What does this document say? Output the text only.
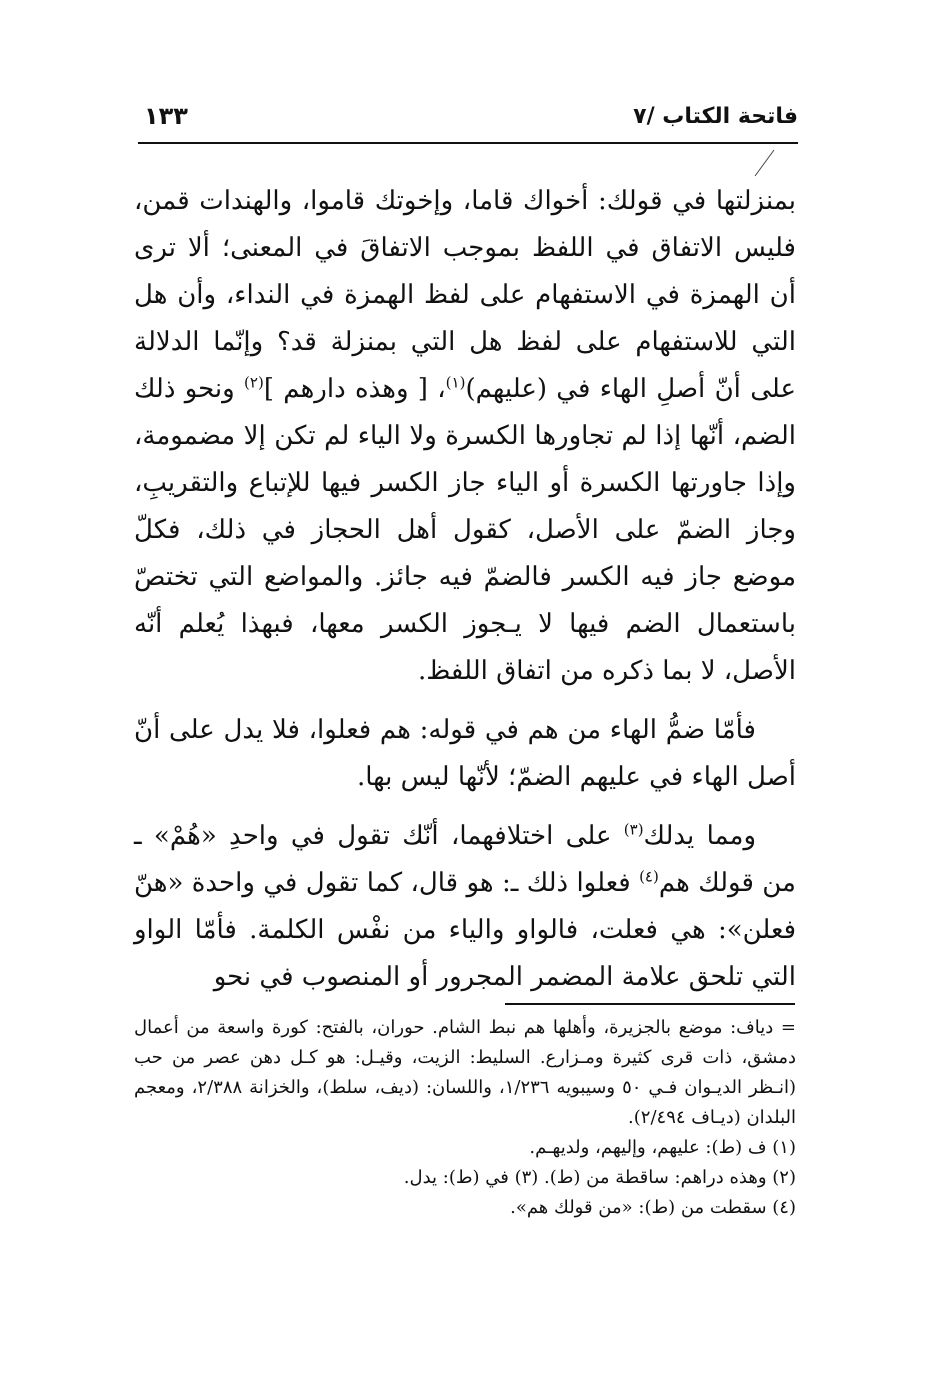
فاتحة الكتاب /٧
١٣٣

بمنزلتها في قولك: أخواك قاما، وإخوتك قاموا، والهندات قمن، فليس الاتفاق في اللفظ بموجب الاتفاقَ في المعنى؛ ألا ترى أن الهمزة في الاستفهام على لفظ الهمزة في النداء، وأن هل التي للاستفهام على لفظ هل التي بمنزلة قد؟ وإنّما الدلالة على أنّ أصلِ الهاء في (عليهم)$^{(١)}$، [ وهذه دارهم ]$^{(٢)}$ ونحو ذلك الضم، أنّها إذا لم تجاورها الكسرة ولا الياء لم تكن إلا مضمومة، وإذا جاورتها الكسرة أو الياء جاز الكسر فيها للإتباع والتقريبِ، وجاز الضمّ على الأصل، كقول أهل الحجاز في ذلك، فكلّ موضع جاز فيه الكسر فالضمّ فيه جائز. والمواضع التي تختصّ باستعمال الضم فيها لا يـجوز الكسر معها، فبهذا يُعلم أنّه الأصل، لا بما ذكره من اتفاق اللفظ.

فأمّا ضمُّ الهاء من هم في قوله: هم فعلوا، فلا يدل على أنّ أصل الهاء في عليهم الضمّ؛ لأنّها ليس بها.

ومما يدلك$^{(٣)}$ على اختلافهما، أنّك تقول في واحدِ «هُمْ» ـ من قولك هم$^{(٤)}$ فعلوا ذلك ـ: هو قال، كما تقول في واحدة «هنّ فعلن»: هي فعلت، فالواو والياء من نفْس الكلمة. فأمّا الواو التي تلحق علامة المضمر المجرور أو المنصوب في نحو

= دياف: موضع بالجزيرة، وأهلها هم نبط الشام. حوران، بالفتح: كورة واسعة من أعمال دمشق، ذات قرى كثيرة ومـزارع. السليط: الزيت، وقيـل: هو كـل دهن عصر من حب (انـظر الديـوان فـي ٥٠ وسيبويه ١/٢٣٦، واللسان: (ديف، سلط)، والخزانة ٢/٣٨٨، ومعجم البلدان (ديـاف ٢/٤٩٤).
(١) ف (ط): عليهم، وإليهم، ولديهـم.
(٢) وهذه دراهم: ساقطة من (ط). (٣) في (ط): يدل.
(٤) سقطت من (ط): «من قولك هم».
